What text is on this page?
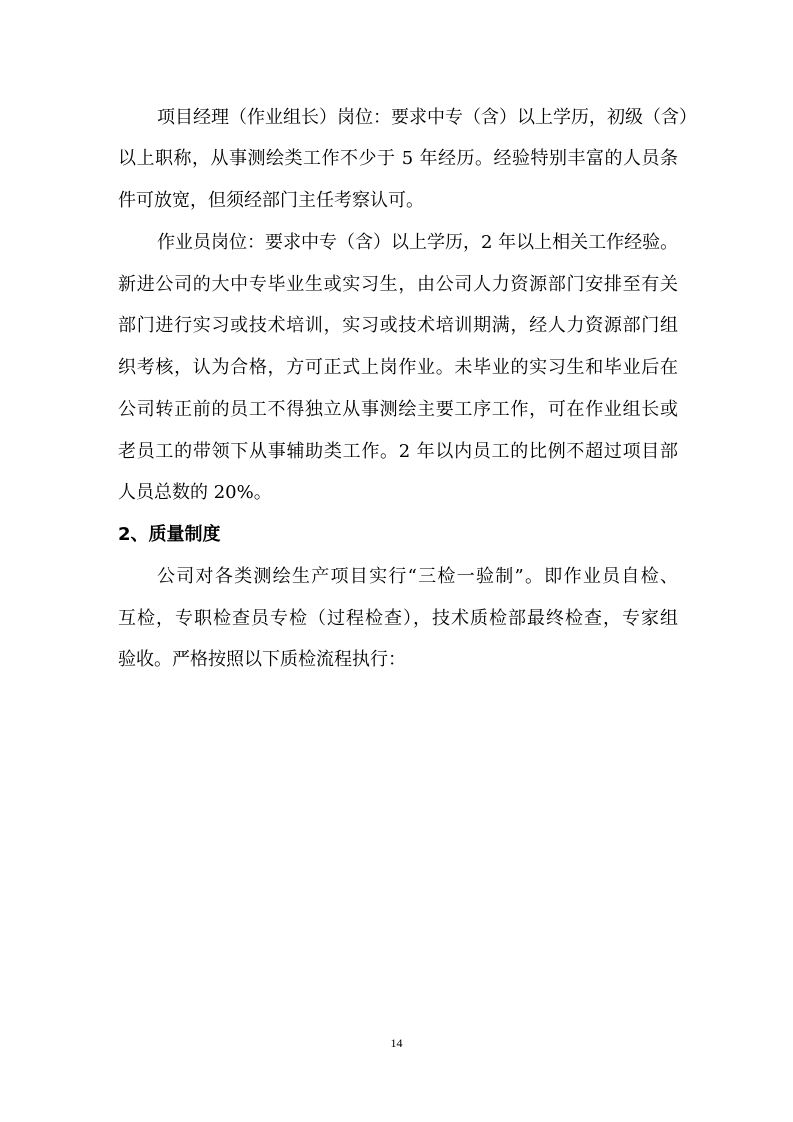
项目经理（作业组长）岗位：要求中专（含）以上学历，初级（含）
以上职称，从事测绘类工作不少于 5 年经历。经验特别丰富的人员条
件可放宽，但须经部门主任考察认可。
作业员岗位：要求中专（含）以上学历，2 年以上相关工作经验。
新进公司的大中专毕业生或实习生，由公司人力资源部门安排至有关
部门进行实习或技术培训，实习或技术培训期满，经人力资源部门组
织考核，认为合格，方可正式上岗作业。未毕业的实习生和毕业后在
公司转正前的员工不得独立从事测绘主要工序工作，可在作业组长或
老员工的带领下从事辅助类工作。2 年以内员工的比例不超过项目部
人员总数的 20%。
2、质量制度
公司对各类测绘生产项目实行“三检一验制”。即作业员自检、
互检，专职检查员专检（过程检查），技术质检部最终检查，专家组
验收。严格按照以下质检流程执行：
14
